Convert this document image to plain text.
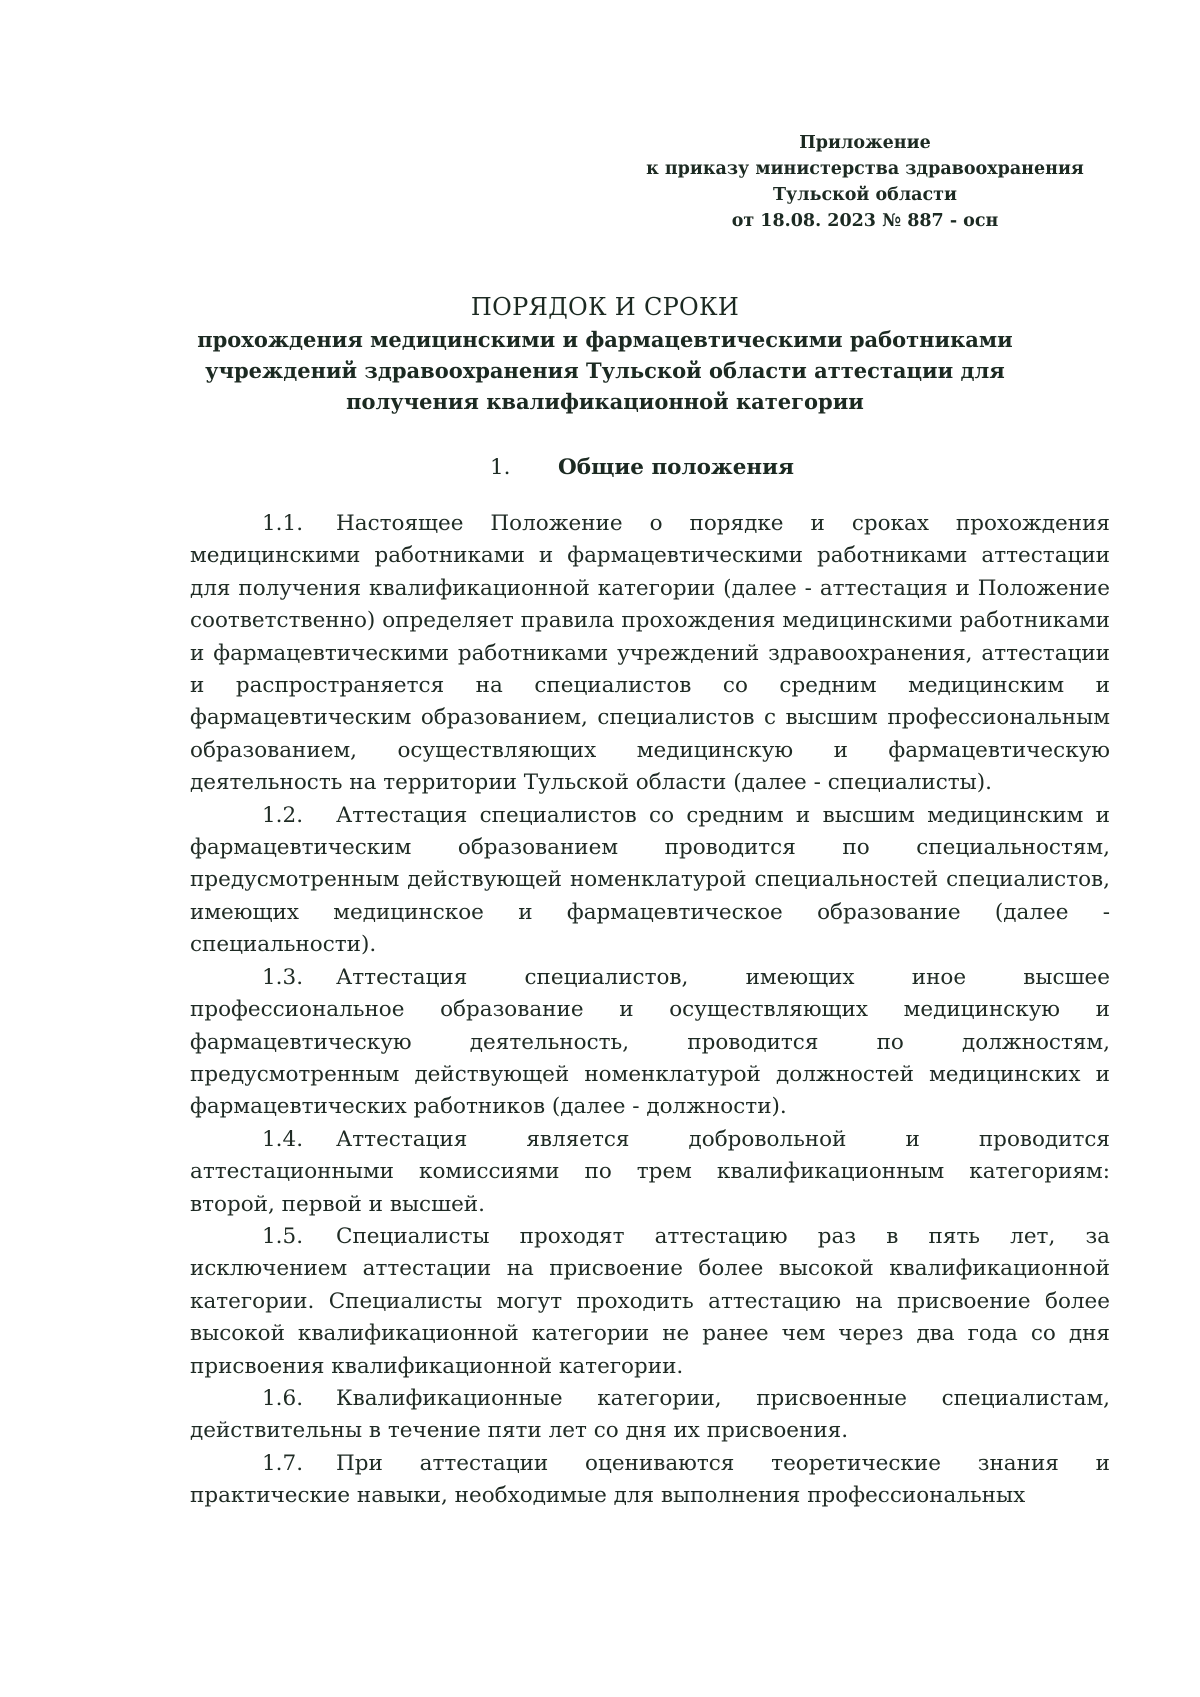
Приложение
к приказу министерства здравоохранения
Тульской области
от 18.08. 2023 № 887 - осн
ПОРЯДОК И СРОКИ
прохождения медицинскими и фармацевтическими работниками
учреждений здравоохранения Тульской области аттестации для
получения квалификационной категории
1. Общие положения

1.1. Настоящее Положение о порядке и сроках прохождения медицинскими работниками и фармацевтическими работниками аттестации для получения квалификационной категории (далее - аттестация и Положение соответственно) определяет правила прохождения медицинскими работниками и фармацевтическими работниками учреждений здравоохранения, аттестации и распространяется на специалистов со средним медицинским и фармацевтическим образованием, специалистов с высшим профессиональным образованием, осуществляющих медицинскую и фармацевтическую деятельность на территории Тульской области (далее - специалисты).

1.2. Аттестация специалистов со средним и высшим медицинским и фармацевтическим образованием проводится по специальностям, предусмотренным действующей номенклатурой специальностей специалистов, имеющих медицинское и фармацевтическое образование (далее - специальности).

1.3. Аттестация специалистов, имеющих иное высшее профессиональное образование и осуществляющих медицинскую и фармацевтическую деятельность, проводится по должностям, предусмотренным действующей номенклатурой должностей медицинских и фармацевтических работников (далее - должности).

1.4. Аттестация является добровольной и проводится аттестационными комиссиями по трем квалификационным категориям: второй, первой и высшей.

1.5. Специалисты проходят аттестацию раз в пять лет, за исключением аттестации на присвоение более высокой квалификационной категории. Специалисты могут проходить аттестацию на присвоение более высокой квалификационной категории не ранее чем через два года со дня присвоения квалификационной категории.

1.6. Квалификационные категории, присвоенные специалистам, действительны в течение пяти лет со дня их присвоения.

1.7. При аттестации оцениваются теоретические знания и практические навыки, необходимые для выполнения профессиональных
